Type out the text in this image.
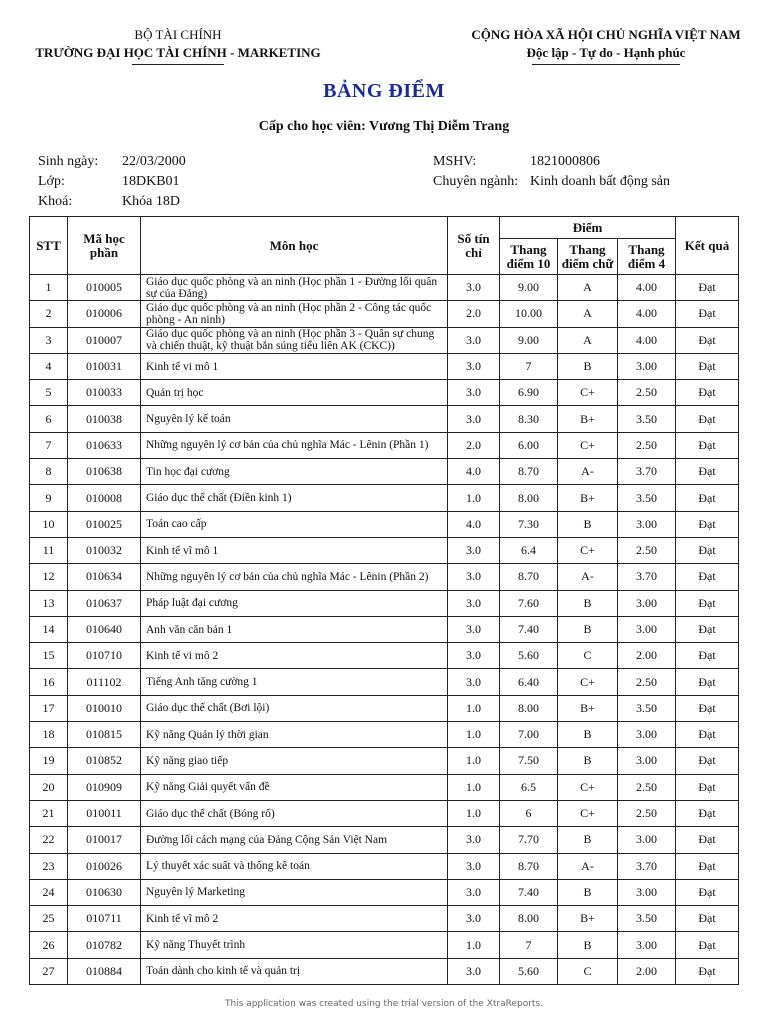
BỘ TÀI CHÍNH
TRƯỜNG ĐẠI HỌC TÀI CHÍNH - MARKETING
CỘNG HÒA XÃ HỘI CHỦ NGHĨA VIỆT NAM
Độc lập - Tự do - Hạnh phúc
BẢNG ĐIỂM
Cấp cho học viên: Vương Thị Diễm Trang
Sinh ngày: 22/03/2000
Lớp:	18DKB01
Khoá:	Khóa 18D
MSHV:	1821000806
Chuyên ngành: Kinh doanh bất động sản
STT	Mã học phần	Môn học	Số tín chỉ	Điểm			Kết quả
				Thang điểm 10	Thang điểm chữ	Thang điểm 4	
1	010005	Giáo dục quốc phòng và an ninh (Học phần 1 - Đường lối quân sự của Đảng)	3.0	9.00	A	4.00	Đạt
2	010006	Giáo dục quốc phòng và an ninh (Học phần 2 - Công tác quốc phòng - An ninh)	2.0	10.00	A	4.00	Đạt
3	010007	Giáo dục quốc phòng và an ninh (Học phần 3 - Quân sự chung và chiến thuật, kỹ thuật bắn súng tiểu liên AK (CKC))	3.0	9.00	A	4.00	Đạt
4	010031	Kinh tế vi mô 1	3.0	7	B	3.00	Đạt
5	010033	Quản trị học	3.0	6.90	C+	2.50	Đạt
6	010038	Nguyên lý kế toán	3.0	8.30	B+	3.50	Đạt
7	010633	Những nguyên lý cơ bản của chủ nghĩa Mác - Lênin (Phần 1)	2.0	6.00	C+	2.50	Đạt
8	010638	Tin học đại cương	4.0	8.70	A-	3.70	Đạt
9	010008	Giáo dục thể chất (Điền kinh 1)	1.0	8.00	B+	3.50	Đạt
10	010025	Toán cao cấp	4.0	7.30	B	3.00	Đạt
11	010032	Kinh tế vĩ mô 1	3.0	6.4	C+	2.50	Đạt
12	010634	Những nguyên lý cơ bản của chủ nghĩa Mác - Lênin (Phần 2)	3.0	8.70	A-	3.70	Đạt
13	010637	Pháp luật đại cương	3.0	7.60	B	3.00	Đạt
14	010640	Anh văn căn bản 1	3.0	7.40	B	3.00	Đạt
15	010710	Kinh tế vi mô 2	3.0	5.60	C	2.00	Đạt
16	011102	Tiếng Anh tăng cường 1	3.0	6.40	C+	2.50	Đạt
17	010010	Giáo dục thể chất (Bơi lội)	1.0	8.00	B+	3.50	Đạt
18	010815	Kỹ năng Quản lý thời gian	1.0	7.00	B	3.00	Đạt
19	010852	Kỹ năng giao tiếp	1.0	7.50	B	3.00	Đạt
20	010909	Kỹ năng Giải quyết vấn đề	1.0	6.5	C+	2.50	Đạt
21	010011	Giáo dục thể chất (Bóng rổ)	1.0	6	C+	2.50	Đạt
22	010017	Đường lối cách mạng của Đảng Cộng Sản Việt Nam	3.0	7.70	B	3.00	Đạt
23	010026	Lý thuyết xác suất và thống kê toán	3.0	8.70	A-	3.70	Đạt
24	010630	Nguyên lý Marketing	3.0	7.40	B	3.00	Đạt
25	010711	Kinh tế vĩ mô 2	3.0	8.00	B+	3.50	Đạt
26	010782	Kỹ năng Thuyết trình	1.0	7	B	3.00	Đạt
27	010884	Toán dành cho kinh tế và quản trị	3.0	5.60	C	2.00	Đạt
This application was created using the trial version of the XtraReports.
